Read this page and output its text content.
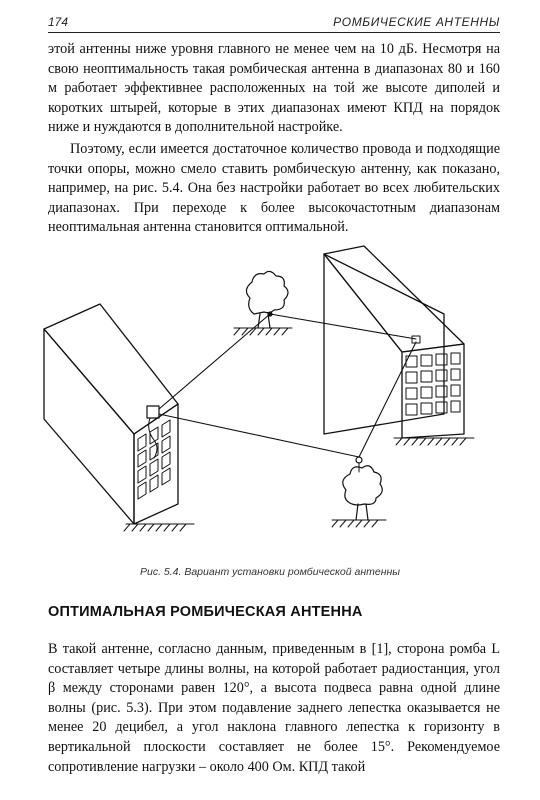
174	РОМБИЧЕСКИЕ АНТЕННЫ

этой антенны ниже уровня главного не менее чем на 10 дБ. Несмотря на свою неоптимальность такая ромбическая антенна в диапазонах 80 и 160 м работает эффективнее расположенных на той же высоте диполей и коротких штырей, которые в этих диапазонах имеют КПД на порядок ниже и нуждаются в дополнительной настройке.

Поэтому, если имеется достаточное количество провода и подходящие точки опоры, можно смело ставить ромбическую антенну, как показано, например, на рис. 5.4. Она без настройки работает во всех любительских диапазонах. При переходе к более высокочастотным диапазонам неоптимальная антенна становится оптимальной.

Рис. 5.4. Вариант установки ромбической антенны
ОПТИМАЛЬНАЯ РОМБИЧЕСКАЯ АНТЕННА

В такой антенне, согласно данным, приведенным в [1], сторона ромба L составляет четыре длины волны, на которой работает радиостанция, угол β между сторонами равен 120°, а высота подвеса равна одной длине волны (рис. 5.3). При этом подавление заднего лепестка оказывается не менее 20 децибел, а угол наклона главного лепестка к горизонту в вертикальной плоскости составляет не более 15°. Рекомендуемое сопротивление нагрузки – около 400 Ом. КПД такой
